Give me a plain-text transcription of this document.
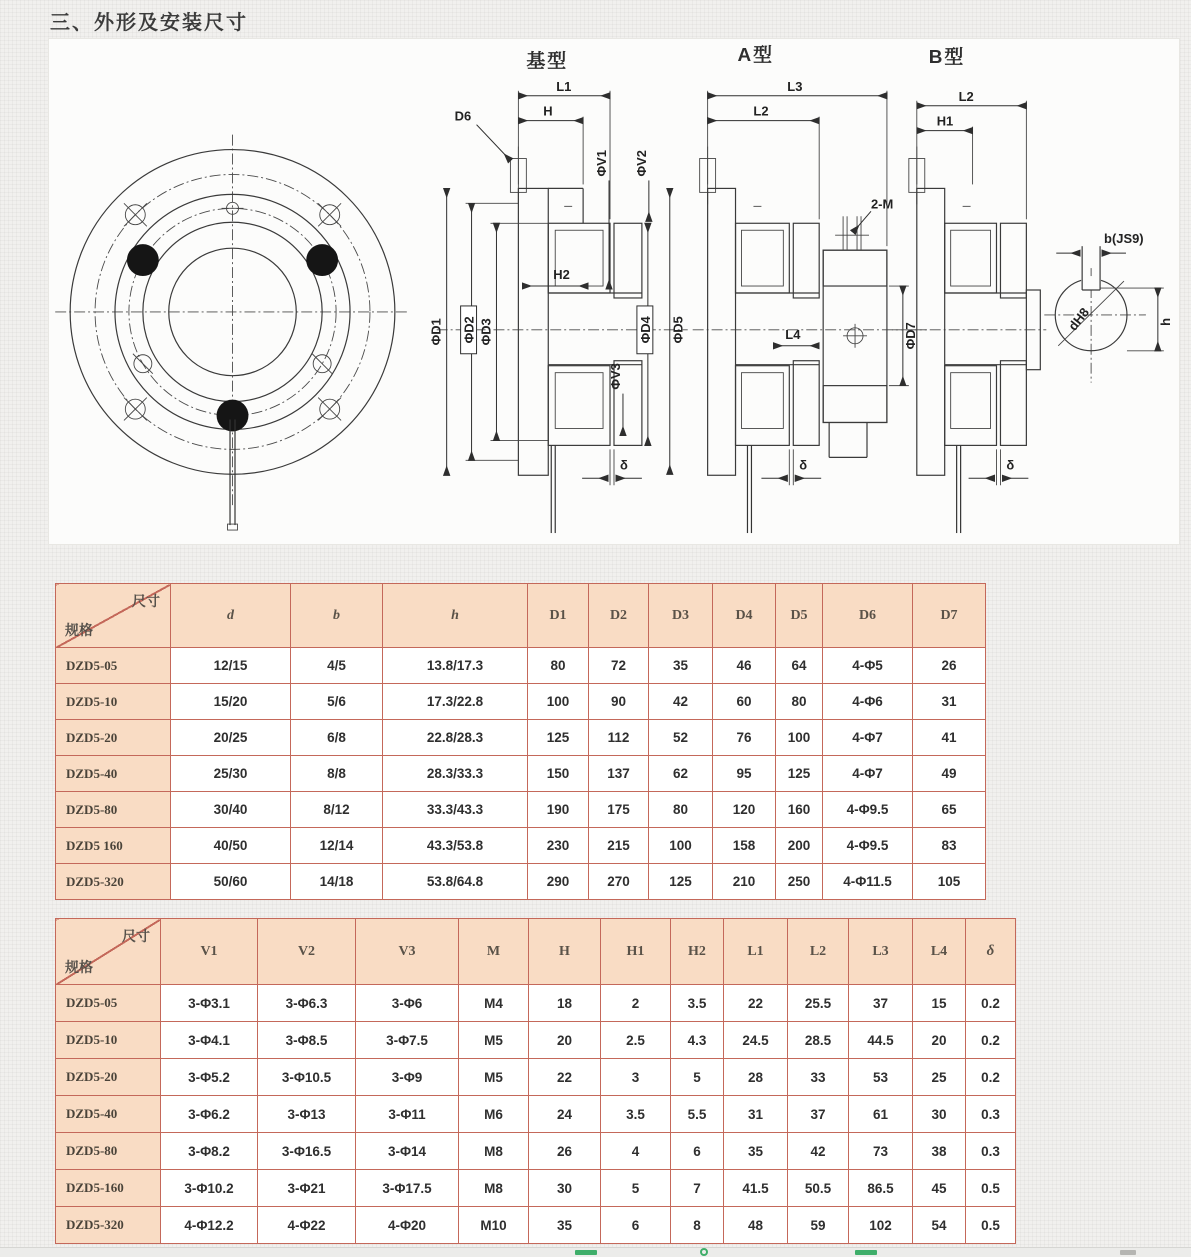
三、外形及安装尺寸
基型
L1
H
D6
ΦV1 ΦV2
ΦD1 ΦD2 ΦD3
H2
ΦD4 ΦD5
ΦV3
δ
A型
2-M
L3
L2
L4	ΦD7
δ
B型
L2
H1
δ
dH8
b(JS9)
h
尺寸
规格	d	b	h	D1	D2	D3	D4	D5	D6	D7
DZD5-05	12/15	4/5	13.8/17.3	80	72	35	46	64	4-Φ5	26
DZD5-10	15/20	5/6	17.3/22.8	100	90	42	60	80	4-Φ6	31
DZD5-20	20/25	6/8	22.8/28.3	125	112	52	76	100	4-Φ7	41
DZD5-40	25/30	8/8	28.3/33.3	150	137	62	95	125	4-Φ7	49
DZD5-80	30/40	8/12	33.3/43.3	190	175	80	120	160	4-Φ9.5	65
DZD5 160	40/50	12/14	43.3/53.8	230	215	100	158	200	4-Φ9.5	83
DZD5-320	50/60	14/18	53.8/64.8	290	270	125	210	250	4-Φ11.5	105
尺寸
规格	V1	V2	V3	M	H	H1	H2	L1	L2	L3	L4	δ
DZD5-05	3-Φ3.1	3-Φ6.3	3-Φ6	M4	18	2	3.5	22	25.5	37	15	0.2
DZD5-10	3-Φ4.1	3-Φ8.5	3-Φ7.5	M5	20	2.5	4.3	24.5	28.5	44.5	20	0.2
DZD5-20	3-Φ5.2	3-Φ10.5	3-Φ9	M5	22	3	5	28	33	53	25	0.2
DZD5-40	3-Φ6.2	3-Φ13	3-Φ11	M6	24	3.5	5.5	31	37	61	30	0.3
DZD5-80	3-Φ8.2	3-Φ16.5	3-Φ14	M8	26	4	6	35	42	73	38	0.3
DZD5-160	3-Φ10.2	3-Φ21	3-Φ17.5	M8	30	5	7	41.5	50.5	86.5	45	0.5
DZD5-320	4-Φ12.2	4-Φ22	4-Φ20	M10	35	6	8	48	59	102	54	0.5
